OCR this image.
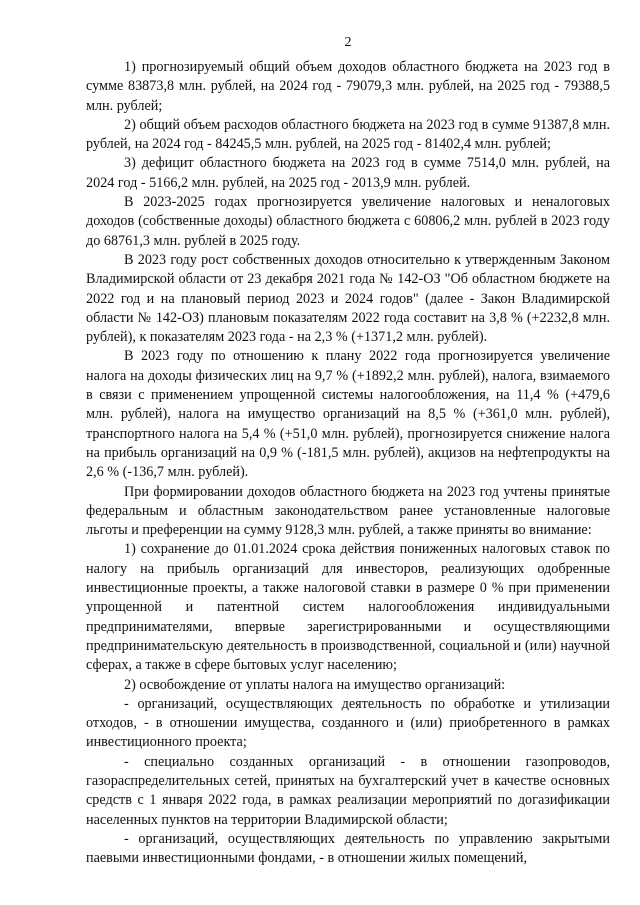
2

1) прогнозируемый общий объем доходов областного бюджета на 2023 год в сумме 83873,8 млн. рублей, на 2024 год - 79079,3 млн. рублей, на 2025 год - 79388,5 млн. рублей;

2) общий объем расходов областного бюджета на 2023 год в сумме 91387,8 млн. рублей, на 2024 год - 84245,5 млн. рублей, на 2025 год - 81402,4 млн. рублей;

3) дефицит областного бюджета на 2023 год в сумме 7514,0 млн. рублей, на 2024 год - 5166,2 млн. рублей, на 2025 год - 2013,9 млн. рублей.

В 2023-2025 годах прогнозируется увеличение налоговых и неналоговых доходов (собственные доходы) областного бюджета с 60806,2 млн. рублей в 2023 году до 68761,3 млн. рублей в 2025 году.

В 2023 году рост собственных доходов относительно к утвержденным Законом Владимирской области от 23 декабря 2021 года № 142-ОЗ "Об областном бюджете на 2022 год и на плановый период 2023 и 2024 годов" (далее - Закон Владимирской области № 142-ОЗ) плановым показателям 2022 года составит на 3,8 % (+2232,8 млн. рублей), к показателям 2023 года - на 2,3 % (+1371,2 млн. рублей).

В 2023 году по отношению к плану 2022 года прогнозируется увеличение налога на доходы физических лиц на 9,7 % (+1892,2 млн. рублей), налога, взимаемого в связи с применением упрощенной системы налогообложения, на 11,4 % (+479,6 млн. рублей), налога на имущество организаций на 8,5 % (+361,0 млн. рублей), транспортного налога на 5,4 % (+51,0 млн. рублей), прогнозируется снижение налога на прибыль организаций на 0,9 % (-181,5 млн. рублей), акцизов на нефтепродукты на 2,6 % (-136,7 млн. рублей).

При формировании доходов областного бюджета на 2023 год учтены принятые федеральным и областным законодательством ранее установленные налоговые льготы и преференции на сумму 9128,3 млн. рублей, а также приняты во внимание:

1) сохранение до 01.01.2024 срока действия пониженных налоговых ставок по налогу на прибыль организаций для инвесторов, реализующих одобренные инвестиционные проекты, а также налоговой ставки в размере 0 % при применении упрощенной и патентной систем налогообложения индивидуальными предпринимателями, впервые зарегистрированными и осуществляющими предпринимательскую деятельность в производственной, социальной и (или) научной сферах, а также в сфере бытовых услуг населению;

2) освобождение от уплаты налога на имущество организаций:

- организаций, осуществляющих деятельность по обработке и утилизации отходов, - в отношении имущества, созданного и (или) приобретенного в рамках инвестиционного проекта;

- специально созданных организаций - в отношении газопроводов, газораспределительных сетей, принятых на бухгалтерский учет в качестве основных средств с 1 января 2022 года, в рамках реализации мероприятий по догазификации населенных пунктов на территории Владимирской области;

- организаций, осуществляющих деятельность по управлению закрытыми паевыми инвестиционными фондами, - в отношении жилых помещений,
